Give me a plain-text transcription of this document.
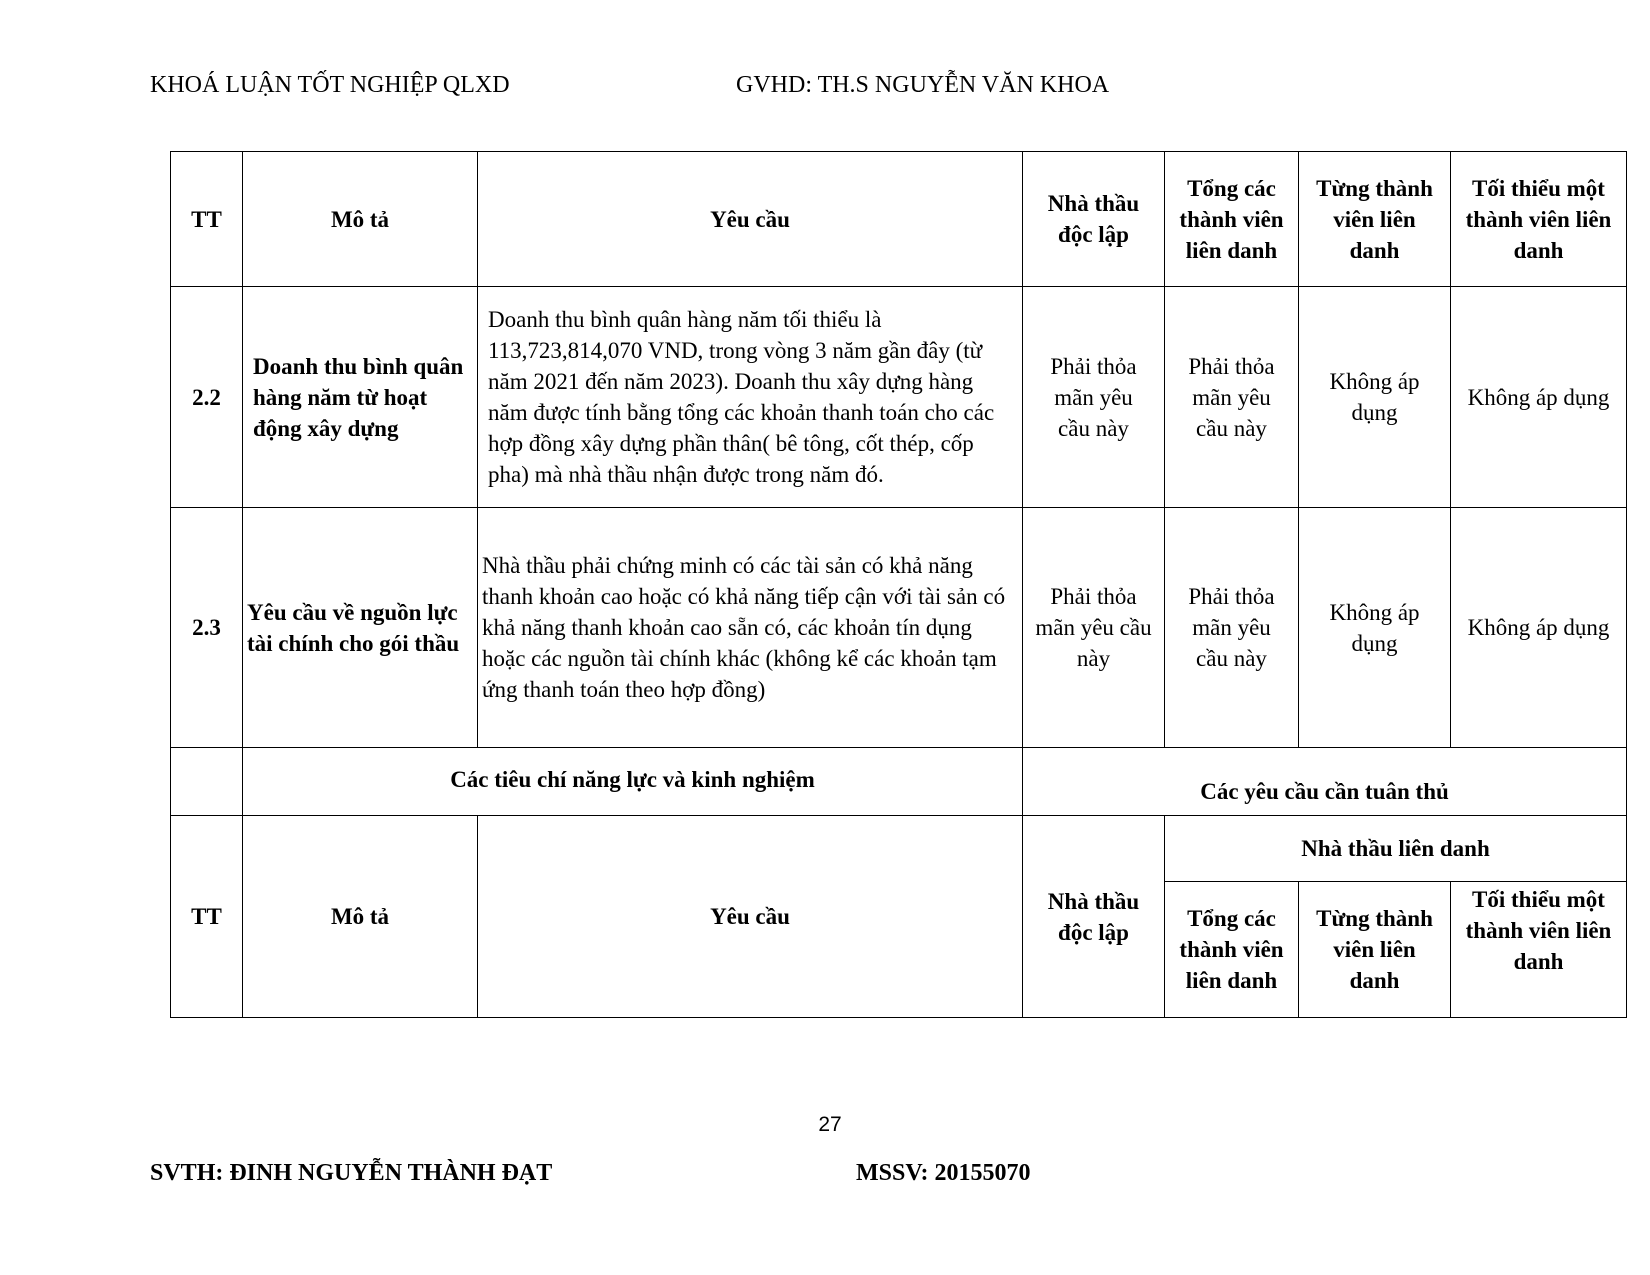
KHOÁ LUẬN TỐT NGHIỆP QLXD	GVHD: TH.S NGUYỄN VĂN KHOA
TT	Mô tả	Yêu cầu	Nhà thầu độc lập	Tổng các thành viên liên danh	Từng thành viên liên danh	Tối thiểu một thành viên liên danh
2.2	Doanh thu bình quân hàng năm từ hoạt động xây dựng	Doanh thu bình quân hàng năm tối thiểu là 113,723,814,070 VND, trong vòng 3 năm gần đây (từ năm 2021 đến năm 2023). Doanh thu xây dựng hàng năm được tính bằng tổng các khoản thanh toán cho các hợp đồng xây dựng phần thân( bê tông, cốt thép, cốp pha) mà nhà thầu nhận được trong năm đó.	Phải thỏa mãn yêu cầu này	Phải thỏa mãn yêu cầu này	Không áp dụng	Không áp dụng
2.3	Yêu cầu về nguồn lực tài chính cho gói thầu	Nhà thầu phải chứng minh có các tài sản có khả năng thanh khoản cao hoặc có khả năng tiếp cận với tài sản có khả năng thanh khoản cao sẵn có, các khoản tín dụng hoặc các nguồn tài chính khác (không kể các khoản tạm ứng thanh toán theo hợp đồng)	Phải thỏa mãn yêu cầu này	Phải thỏa mãn yêu cầu này	Không áp dụng	Không áp dụng
	Các tiêu chí năng lực và kinh nghiệm		Các yêu cầu cần tuân thủ			
TT	Mô tả	Yêu cầu	Nhà thầu độc lập	Nhà thầu liên danh		
				Tổng các thành viên liên danh	Từng thành viên liên danh	Tối thiểu một thành viên liên danh
27
SVTH: ĐINH NGUYỄN THÀNH ĐẠT	MSSV: 20155070
